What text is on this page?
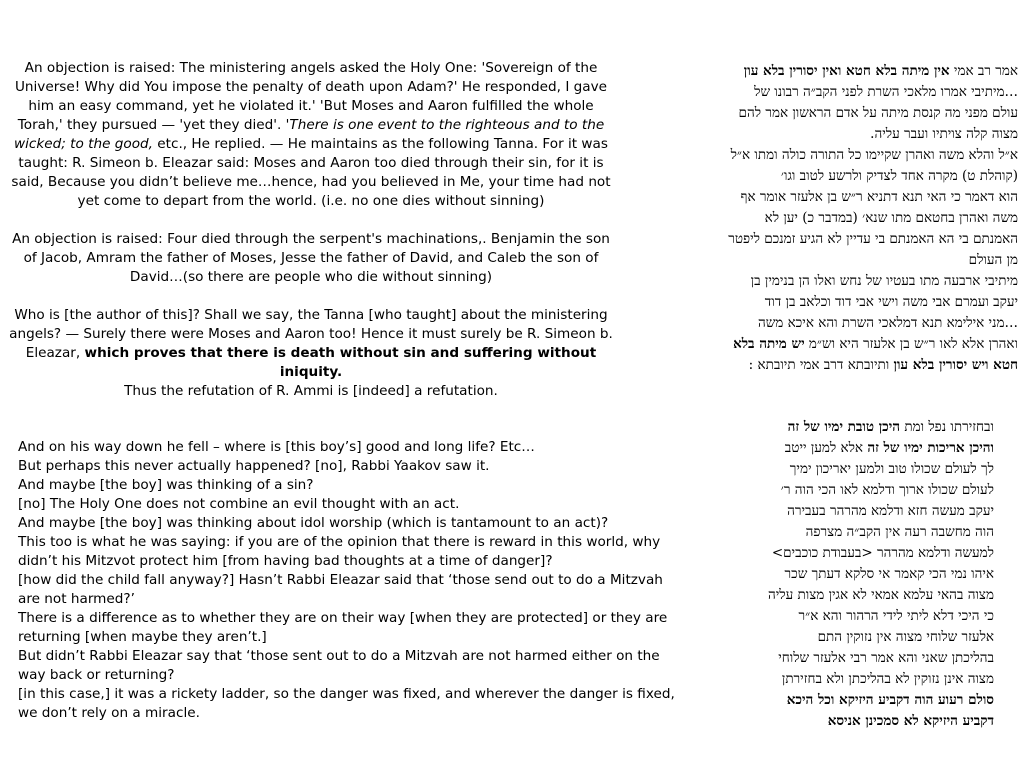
An objection is raised: The ministering angels asked the Holy One: 'Sovereign of the Universe! Why did You impose the penalty of death upon Adam?' He responded, I gave him an easy command, yet he violated it.' 'But Moses and Aaron fulfilled the whole Torah,' they pursued — 'yet they died'. 'There is one event to the righteous and to the wicked; to the good, etc., He replied. — He maintains as the following Tanna. For it was taught: R. Simeon b. Eleazar said: Moses and Aaron too died through their sin, for it is said, Because you didn’t believe me…hence, had you believed in Me, your time had not yet come to depart from the world. (i.e. no one dies without sinning)

An objection is raised: Four died through the serpent's machinations,. Benjamin the son of Jacob, Amram the father of Moses, Jesse the father of David, and Caleb the son of David…(so there are people who die without sinning)

Who is [the author of this]? Shall we say, the Tanna [who taught] about the ministering angels? — Surely there were Moses and Aaron too! Hence it must surely be R. Simeon b. Eleazar, which proves that there is death without sin and suffering without iniquity.
Thus the refutation of R. Ammi is [indeed] a refutation.

אמר רב אמי אין מיתה בלא חטא ואין יסורין בלא עון

…מיתיבי אמרו מלאכי השרת לפני הקב״ה רבונו של

עולם מפני מה קנסת מיתה על אדם הראשון אמר להם

מצוה קלה צויתיו ועבר עליה.

א״ל והלא משה ואהרן שקיימו כל התורה כולה ומתו א״ל

(קוהלת ט) מקרה אחד לצדיק ולרשע לטוב וגו׳

הוא דאמר כי האי תנא דתניא ר״ש בן אלעזר אומר אף

משה ואהרן בחטאם מתו שנא׳ (במדבר כ) יען לא

האמנתם בי הא האמנתם בי עדיין לא הגיע זמנכם ליפטר

מן העולם

מיתיבי ארבעה מתו בעטיו של נחש ואלו הן בנימין בן

יעקב ועמרם אבי משה וישי אבי דוד וכלאב בן דוד

…מני אילימא תנא דמלאכי השרת והא איכא משה

ואהרן אלא לאו ר״ש בן אלעזר היא וש״מ יש מיתה בלא

חטא ויש יסורין בלא עון ותיובתא דרב אמי תיובתא :

And on his way down he fell – where is [this boy’s] good and long life? Etc…

But perhaps this never actually happened? [no], Rabbi Yaakov saw it.

And maybe [the boy] was thinking of a sin?

[no] The Holy One does not combine an evil thought with an act.

And maybe [the boy] was thinking about idol worship (which is tantamount to an act)?

This too is what he was saying: if you are of the opinion that there is reward in this world, why didn’t his Mitzvot protect him [from having bad thoughts at a time of danger]?

[how did the child fall anyway?] Hasn’t Rabbi Eleazar said that ‘those send out to do a Mitzvah are not harmed?’

There is a difference as to whether they are on their way [when they are protected] or they are returning [when maybe they aren’t.]

But didn’t Rabbi Eleazar say that ‘those sent out to do a Mitzvah are not harmed either on the way back or returning?

[in this case,] it was a rickety ladder, so the danger was fixed, and wherever the danger is fixed, we don’t rely on a miracle.

ובחזירתו נפל ומת היכן טובת ימיו של זה

והיכן אריכות ימיו של זה אלא למען ייטב

לך לעולם שכולו טוב ולמען יאריכון ימיך

לעולם שכולו ארוך ודלמא לאו הכי הוה ר׳

יעקב מעשה חזא ודלמא מהרהר בעבירה

הוה מחשבה רעה אין הקב״ה מצרפה

למעשה ודלמא מהרהר <בעבודת כוכבים>

איהו נמי הכי קאמר אי סלקא דעתך שכר

מצוה בהאי עלמא אמאי לא אגין מצות עליה

כי היכי דלא ליתי לידי הרהור והא א״ר

אלעזר שלוחי מצוה אין נזוקין התם

בהליכתן שאני והא אמר רבי אלעזר שלוחי

מצוה אינן נזוקין לא בהליכתן ולא בחזירתן

סולם רעוע הוה דקביע היזיקא וכל היכא

דקביע היזיקא לא סמכינן אניסא
